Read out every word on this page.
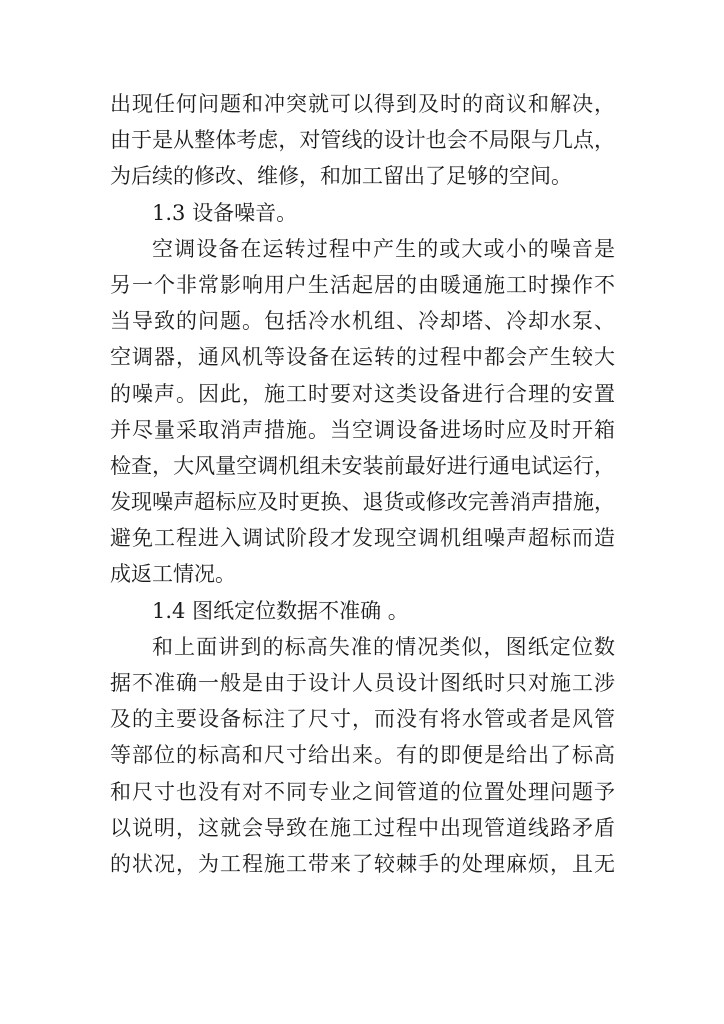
出现任何问题和冲突就可以得到及时的商议和解决，
由于是从整体考虑，对管线的设计也会不局限与几点，
为后续的修改、维修，和加工留出了足够的空间。
1.3 设备噪音。
空调设备在运转过程中产生的或大或小的噪音是
另一个非常影响用户生活起居的由暖通施工时操作不
当导致的问题。包括冷水机组、冷却塔、冷却水泵、
空调器，通风机等设备在运转的过程中都会产生较大
的噪声。因此，施工时要对这类设备进行合理的安置
并尽量采取消声措施。当空调设备进场时应及时开箱
检查，大风量空调机组未安装前最好进行通电试运行，
发现噪声超标应及时更换、退货或修改完善消声措施，
避免工程进入调试阶段才发现空调机组噪声超标而造
成返工情况。
1.4 图纸定位数据不准确 。
和上面讲到的标高失准的情况类似，图纸定位数
据不准确一般是由于设计人员设计图纸时只对施工涉
及的主要设备标注了尺寸，而没有将水管或者是风管
等部位的标高和尺寸给出来。有的即便是给出了标高
和尺寸也没有对不同专业之间管道的位置处理问题予
以说明，这就会导致在施工过程中出现管道线路矛盾
的状况，为工程施工带来了较棘手的处理麻烦，且无
